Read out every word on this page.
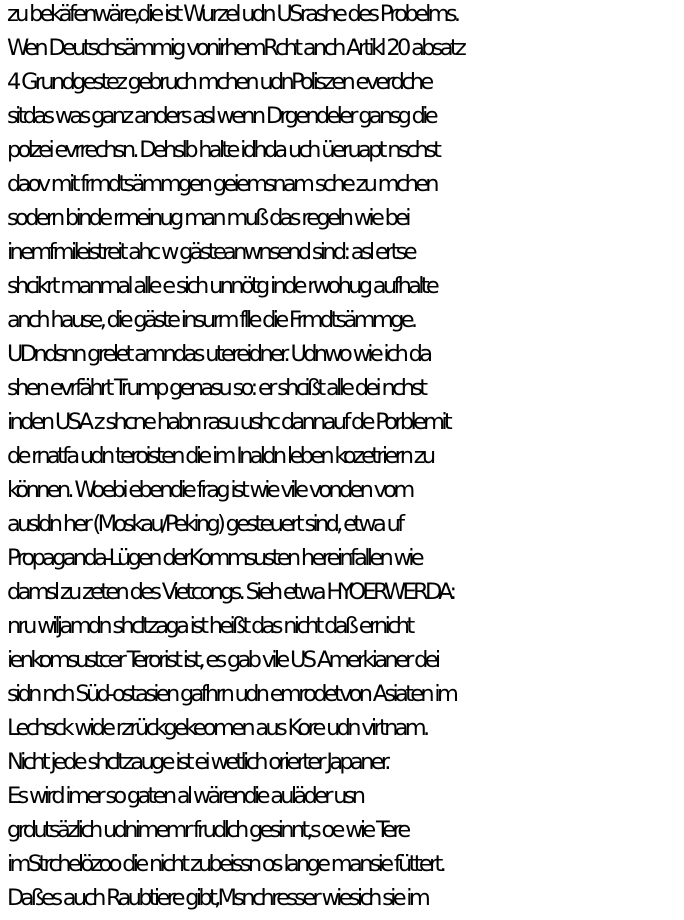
zu bekäfenwäre,die ist Wurzel udn USrashe des Probelms.
Wen Deutschsämmig vonirhemRcht anch Artikl 20 absatz
4 Grundgestez gebruch mchen udnPoliszen everdche
sitdas was ganz anders asl wenn Drgendeler gansg die
polzei evrrechsn. Dehslb halte idhda uch üeruapt nschst
daov mit frmdtsämmgen geiemsnam sche zu mchen
sodern binde rmeinug man muß das regeln wie bei
inemfmileistreit ahc w gästeanwnsend sind: asl ertse
shcikrt manmal alle e sich unnötg inde rwohug aufhalte
anch hause, die gäste insurm flle die Frmdtsämmge.
UDndsnn grelet amndas utereidner. Udnwo wie ich da
shen evrfährt Trump genasu so: er shcißt alle dei nchst
inden USA z shcne habn rasu ushc dannauf de Porblemit
de rnatfa udn teroisten die im Inaldn leben kozetriern zu
können. Woebi ebendie frag ist wie vile vonden vom
ausldn her (Moskau/Peking) gesteuert sind, etwa uf
Propaganda-Lügen derKommsusten hereinfallen wie
damsl zu zeten des Vietcongs. Sieh etwa HYOERWERDA:
nru wiljamdn shcltzaga ist heißt das nicht daß ernicht
ienkomsustcer Terorist ist, es gab vile US Amerkianer dei
sidn nch Süd-ostasien gafhrn udn emrodetvon Asiaten im
Lechsck wide rzrückgekeomen aus Kore udn virtnam.
Nicht jede shcltzauge ist ei wetlich orierter Japaner.
Es wird imer so gaten al wärendie auläder usn
grdutsäzlich udnimemr frudlch gesinnt,s oe wie Tere
imStrchelözoo die nicht zubeissn os lange mansie füttert.
Daßes auch Raubtiere gibt,Msnchresser wiesich sie im
